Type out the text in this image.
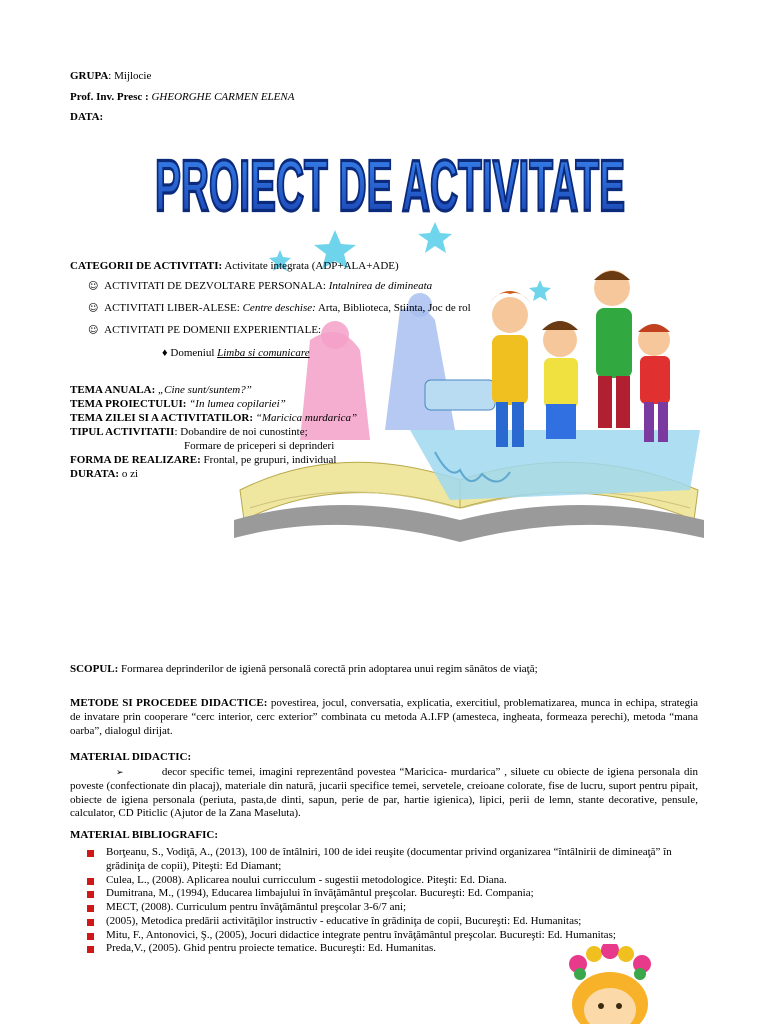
GRUPA: Mijlocie
Prof. Inv. Presc : GHEORGHE CARMEN ELENA
DATA:
PROIECT DE ACTIVITATE
CATEGORII DE ACTIVITATI: Activitate integrata (ADP+ALA+ADE)
☺ ACTIVITATI DE DEZVOLTARE PERSONALA: Intalnirea de dimineata
☺ ACTIVITATI LIBER-ALESE: Centre deschise: Arta, Biblioteca, Stiinta, Joc de rol
☺ ACTIVITATI PE DOMENII EXPERIENTIALE:
♦ Domeniul Limba si comunicare
TEMA ANUALA: „Cine sunt/suntem?”
TEMA PROIECTULUI: “In lumea copilariei”
TEMA ZILEI SI A ACTIVITATILOR: “Maricica murdarica”
TIPUL ACTIVITATII: Dobandire de noi cunostinte;
Formare de priceperi si deprinderi
FORMA DE REALIZARE: Frontal, pe grupuri, individual
DURATA: o zi
SCOPUL: Formarea deprinderilor de igienă personală corectă prin adoptarea unui regim sănătos de viaţă;
METODE SI PROCEDEE DIDACTICE: povestirea, jocul, conversatia, explicatia, exercitiul, problematizarea, munca in echipa, strategia de invatare prin cooperare “cerc interior, cerc exterior” combinata cu metoda A.I.FP (amesteca, ingheata, formeaza perechi), metoda “mana oarba”, dialogul dirijat.
MATERIAL DIDACTIC:
➢	decor specific temei, imagini reprezentând povestea “Maricica- murdarica” , siluete cu obiecte de igiena personala din poveste (confectionate din placaj), materiale din natură, jucarii specifice temei, servetele, creioane colorate, fise de lucru, suport pentru pipait, obiecte de igiena personala (periuta, pasta,de dinti, sapun, perie de par, hartie igienica), lipici, perii de lemn, stante decorative, pensule, calculator, CD Piticlic (Ajutor de la Zana Maseluta).
MATERIAL BIBLIOGRAFIC:

Borţeanu, S., Vodiţă, A., (2013), 100 de întâlniri, 100 de idei reuşite (documentar privind organizarea “întâlnirii de dimineaţă” în grădiniţa de copii), Piteşti: Ed Diamant;

Culea, L., (2008). Aplicarea noului curricculum - sugestii metodologice. Piteşti: Ed. Diana.

Dumitrana, M., (1994), Educarea limbajului în învăţământul preşcolar. Bucureşti: Ed. Compania;

MECT, (2008). Curriculum pentru învăţământul preşcolar 3-6/7 ani;

(2005), Metodica predării activităţilor instructiv - educative în grădiniţa de copii, Bucureşti: Ed. Humanitas;

Mitu, F., Antonovici, Ş., (2005), Jocuri didactice integrate pentru învăţământul preşcolar. Bucureşti: Ed. Humanitas;

Preda,V., (2005). Ghid pentru proiecte tematice. Bucureşti: Ed. Humanitas.
